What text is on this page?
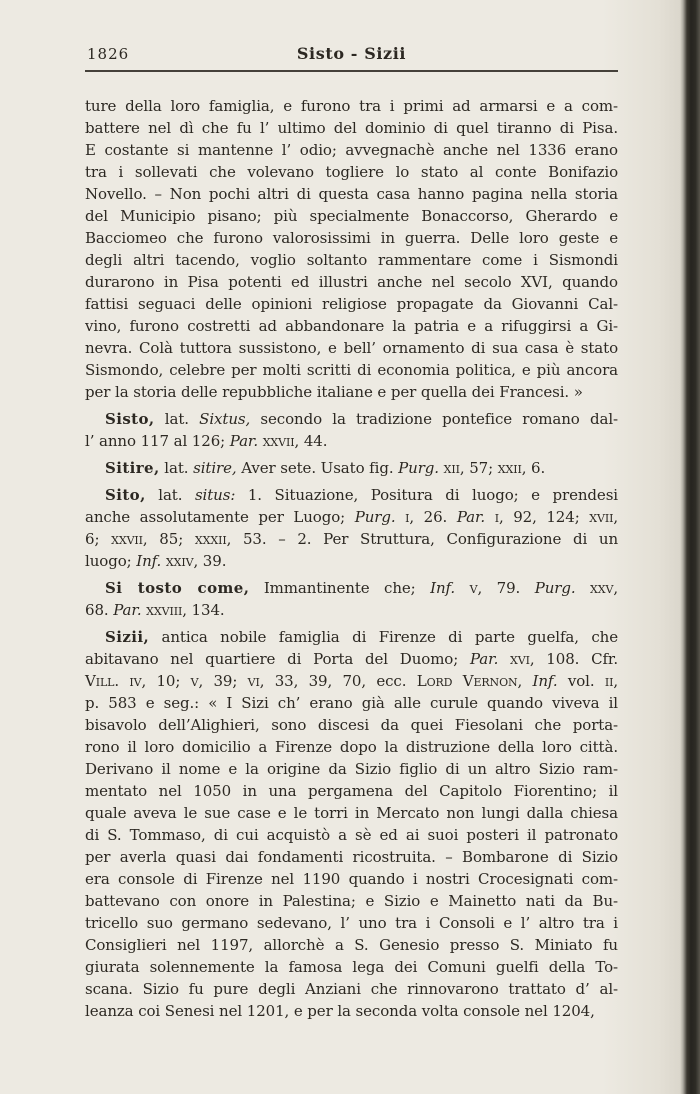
1826	Sisto - Sizii
ture della loro famiglia, e furono tra i primi ad armarsi e a com-
battere nel dì che fu l’ ultimo del dominio di quel tiranno di Pisa.
E costante si mantenne l’ odio; avvegnachè anche nel 1336 erano
tra i sollevati che volevano togliere lo stato al conte Bonifazio
Novello. – Non pochi altri di questa casa hanno pagina nella storia
del Municipio pisano; più specialmente Bonaccorso, Gherardo e
Bacciomeo che furono valorosissimi in guerra. Delle loro geste e
degli altri tacendo, voglio soltanto rammentare come i Sismondi
durarono in Pisa potenti ed illustri anche nel secolo XVI, quando
fattisi seguaci delle opinioni religiose propagate da Giovanni Cal-
vino, furono costretti ad abbandonare la patria e a rifuggirsi a Gi-
nevra. Colà tuttora sussistono, e bell’ ornamento di sua casa è stato
Sismondo, celebre per molti scritti di economia politica, e più ancora
per la storia delle repubbliche italiane e per quella dei Francesi. »
Sisto, lat. Sixtus, secondo la tradizione pontefice romano dal-
l’ anno 117 al 126; Par. xxvii, 44.
Sitire, lat. sitire, Aver sete. Usato fig. Purg. xii, 57; xxii, 6.
Sito, lat. situs: 1. Situazione, Positura di luogo; e prendesi
anche assolutamente per Luogo; Purg. i, 26. Par. i, 92, 124; xvii,
6; xxvii, 85; xxxii, 53. – 2. Per Struttura, Configurazione di un
luogo; Inf. xxiv, 39.
Si tosto come, Immantinente che; Inf. v, 79. Purg. xxv,
68. Par. xxviii, 134.
Sizii, antica nobile famiglia di Firenze di parte guelfa, che
abitavano nel quartiere di Porta del Duomo; Par. xvi, 108. Cfr.
Vill. iv, 10; v, 39; vi, 33, 39, 70, ecc. Lord Vernon, Inf. vol. ii,
p. 583 e seg.: « I Sizi ch’ erano già alle curule quando viveva il
bisavolo dell’Alighieri, sono discesi da quei Fiesolani che porta-
rono il loro domicilio a Firenze dopo la distruzione della loro città.
Derivano il nome e la origine da Sizio figlio di un altro Sizio ram-
mentato nel 1050 in una pergamena del Capitolo Fiorentino; il
quale aveva le sue case e le torri in Mercato non lungi dalla chiesa
di S. Tommaso, di cui acquistò a sè ed ai suoi posteri il patronato
per averla quasi dai fondamenti ricostruita. – Bombarone di Sizio
era console di Firenze nel 1190 quando i nostri Crocesignati com-
battevano con onore in Palestina; e Sizio e Mainetto nati da Bu-
tricello suo germano sedevano, l’ uno tra i Consoli e l’ altro tra i
Consiglieri nel 1197, allorchè a S. Genesio presso S. Miniato fu
giurata solennemente la famosa lega dei Comuni guelfi della To-
scana. Sizio fu pure degli Anziani che rinnovarono trattato d’ al-
leanza coi Senesi nel 1201, e per la seconda volta console nel 1204,
